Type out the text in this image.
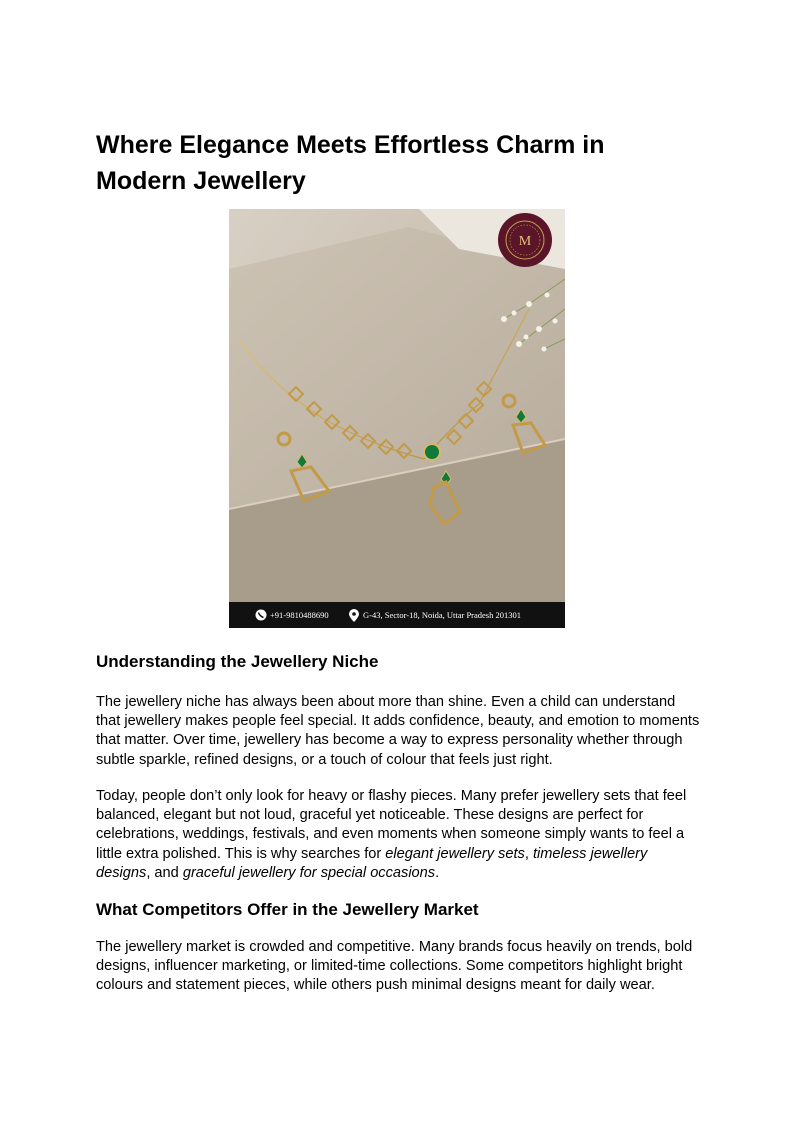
Where Elegance Meets Effortless Charm in Modern Jewellery
M
+91-9810488690	G-43, Sector-18, Noida, Uttar Pradesh 201301
Understanding the Jewellery Niche

The jewellery niche has always been about more than shine. Even a child can understand that jewellery makes people feel special. It adds confidence, beauty, and emotion to moments that matter. Over time, jewellery has become a way to express personality whether through subtle sparkle, refined designs, or a touch of colour that feels just right.

Today, people don’t only look for heavy or flashy pieces. Many prefer jewellery sets that feel balanced, elegant but not loud, graceful yet noticeable. These designs are perfect for celebrations, weddings, festivals, and even moments when someone simply wants to feel a little extra polished. This is why searches for elegant jewellery sets, timeless jewellery designs, and graceful jewellery for special occasions.

What Competitors Offer in the Jewellery Market

The jewellery market is crowded and competitive. Many brands focus heavily on trends, bold designs, influencer marketing, or limited-time collections. Some competitors highlight bright colours and statement pieces, while others push minimal designs meant for daily wear.
